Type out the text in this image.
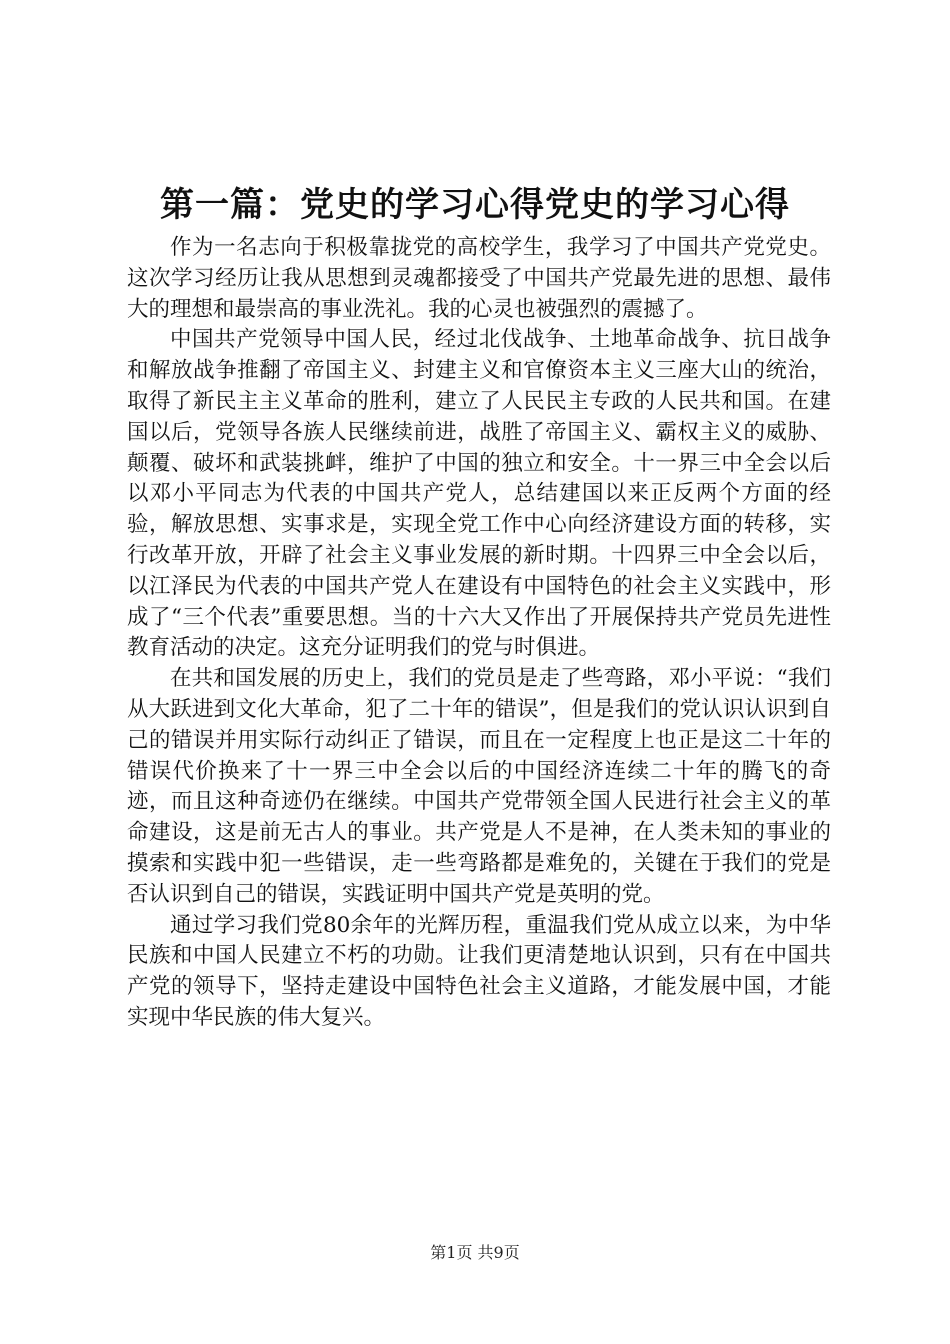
第一篇：党史的学习心得党史的学习心得

作为一名志向于积极靠拢党的高校学生，我学习了中国共产党党史。这次学习经历让我从思想到灵魂都接受了中国共产党最先进的思想、最伟大的理想和最崇高的事业洗礼。我的心灵也被强烈的震撼了。

中国共产党领导中国人民，经过北伐战争、土地革命战争、抗日战争和解放战争推翻了帝国主义、封建主义和官僚资本主义三座大山的统治，取得了新民主主义革命的胜利，建立了人民民主专政的人民共和国。在建国以后，党领导各族人民继续前进，战胜了帝国主义、霸权主义的威胁、颠覆、破坏和武装挑衅，维护了中国的独立和安全。十一界三中全会以后以邓小平同志为代表的中国共产党人，总结建国以来正反两个方面的经验，解放思想、实事求是，实现全党工作中心向经济建设方面的转移，实行改革开放，开辟了社会主义事业发展的新时期。十四界三中全会以后，以江泽民为代表的中国共产党人在建设有中国特色的社会主义实践中，形成了“三个代表”重要思想。当的十六大又作出了开展保持共产党员先进性教育活动的决定。这充分证明我们的党与时俱进。

在共和国发展的历史上，我们的党员是走了些弯路，邓小平说：“我们从大跃进到文化大革命，犯了二十年的错误”，但是我们的党认识认识到自己的错误并用实际行动纠正了错误，而且在一定程度上也正是这二十年的错误代价换来了十一界三中全会以后的中国经济连续二十年的腾飞的奇迹，而且这种奇迹仍在继续。中国共产党带领全国人民进行社会主义的革命建设，这是前无古人的事业。共产党是人不是神，在人类未知的事业的摸索和实践中犯一些错误，走一些弯路都是难免的，关键在于我们的党是否认识到自己的错误，实践证明中国共产党是英明的党。

通过学习我们党80余年的光辉历程，重温我们党从成立以来，为中华民族和中国人民建立不朽的功勋。让我们更清楚地认识到，只有在中国共产党的领导下，坚持走建设中国特色社会主义道路，才能发展中国，才能实现中华民族的伟大复兴。

第1页 共9页
